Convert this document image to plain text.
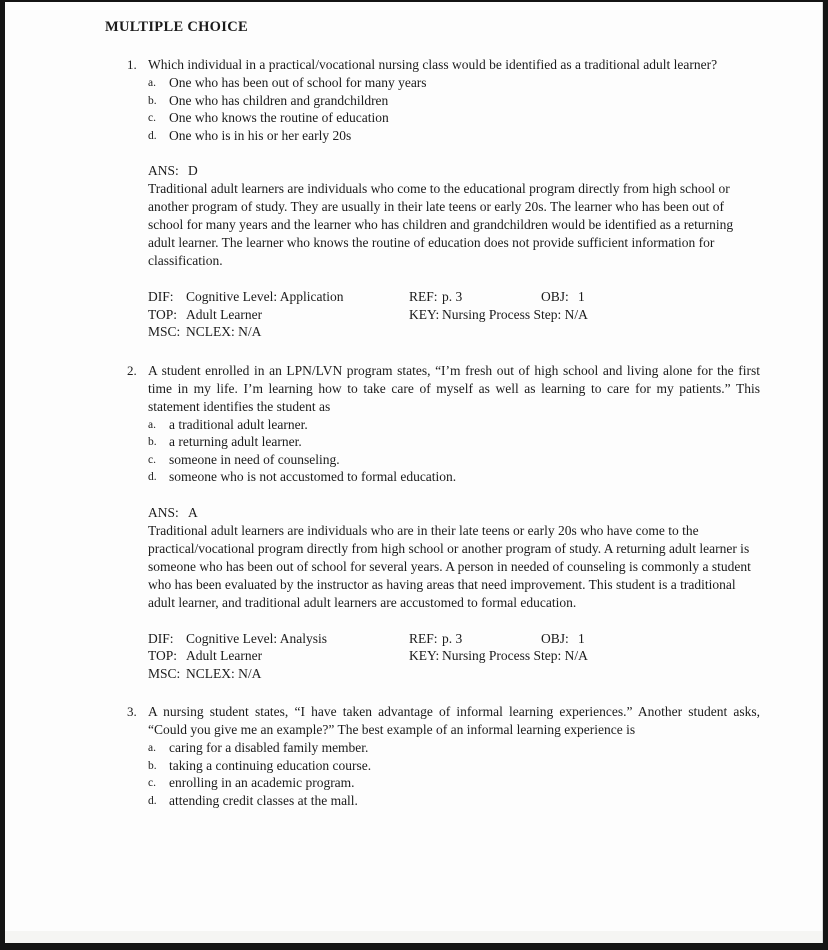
MULTIPLE CHOICE
1. Which individual in a practical/vocational nursing class would be identified as a traditional adult learner?
a. One who has been out of school for many years
b. One who has children and grandchildren
c. One who knows the routine of education
d. One who is in his or her early 20s
ANS: D
Traditional adult learners are individuals who come to the educational program directly from high school or another program of study. They are usually in their late teens or early 20s. The learner who has been out of school for many years and the learner who has children and grandchildren would be identified as a returning adult learner. The learner who knows the routine of education does not provide sufficient information for classification.
DIF: Cognitive Level: Application	REF: p. 3	OBJ: 1
TOP: Adult Learner	KEY: Nursing Process Step: N/A
MSC: NCLEX: N/A
2. A student enrolled in an LPN/LVN program states, “I’m fresh out of high school and living alone for the first time in my life. I’m learning how to take care of myself as well as learning to care for my patients.” This statement identifies the student as
a. a traditional adult learner.
b. a returning adult learner.
c. someone in need of counseling.
d. someone who is not accustomed to formal education.
ANS: A
Traditional adult learners are individuals who are in their late teens or early 20s who have come to the practical/vocational program directly from high school or another program of study. A returning adult learner is someone who has been out of school for several years. A person in needed of counseling is commonly a student who has been evaluated by the instructor as having areas that need improvement. This student is a traditional adult learner, and traditional adult learners are accustomed to formal education.
DIF: Cognitive Level: Analysis	REF: p. 3	OBJ: 1
TOP: Adult Learner	KEY: Nursing Process Step: N/A
MSC: NCLEX: N/A
3. A nursing student states, “I have taken advantage of informal learning experiences.” Another student asks, “Could you give me an example?” The best example of an informal learning experience is
a. caring for a disabled family member.
b. taking a continuing education course.
c. enrolling in an academic program.
d. attending credit classes at the mall.
